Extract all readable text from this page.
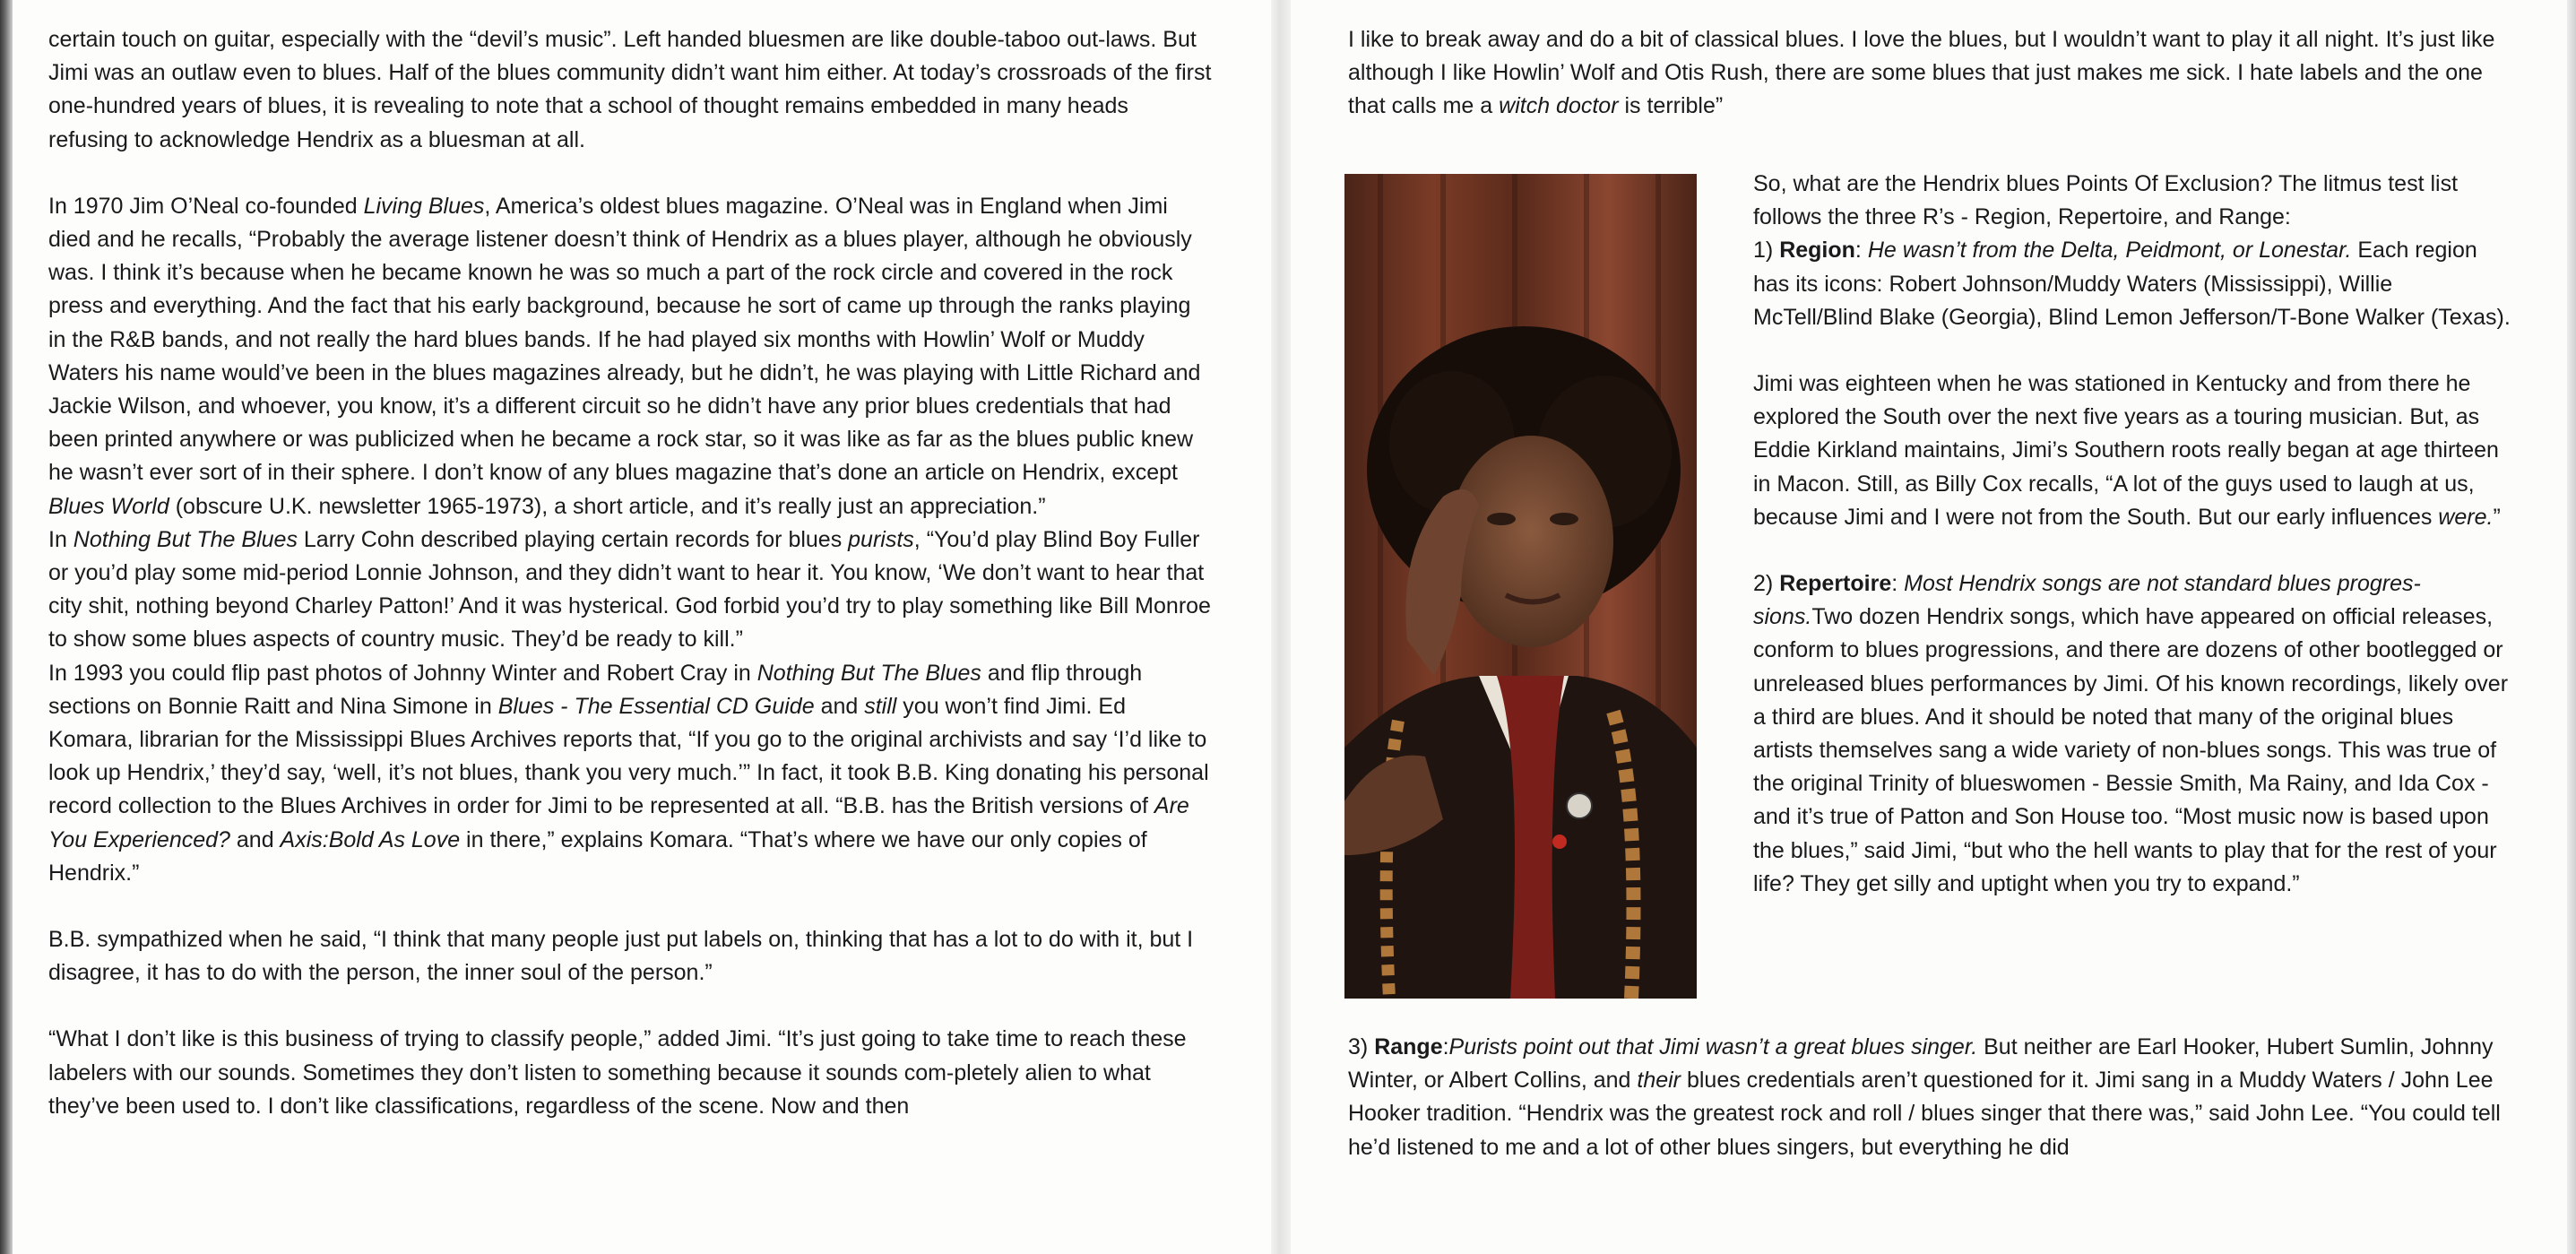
certain touch on guitar, especially with the “devil’s music”. Left handed bluesmen are like double-taboo out-laws. But Jimi was an outlaw even to blues. Half of the blues community didn’t want him either. At today’s crossroads of the first one-hundred years of blues, it is revealing to note that a school of thought remains embedded in many heads refusing to acknowledge Hendrix as a bluesman at all.

In 1970 Jim O’Neal co-founded Living Blues, America’s oldest blues magazine. O’Neal was in England when Jimi died and he recalls, “Probably the average listener doesn’t think of Hendrix as a blues player, although he obviously was. I think it’s because when he became known he was so much a part of the rock circle and covered in the rock press and everything. And the fact that his early background, because he sort of came up through the ranks playing in the R&B bands, and not really the hard blues bands. If he had played six months with Howlin’ Wolf or Muddy Waters his name would’ve been in the blues magazines already, but he didn’t, he was playing with Little Richard and Jackie Wilson, and whoever, you know, it’s a different circuit so he didn’t have any prior blues credentials that had been printed anywhere or was publicized when he became a rock star, so it was like as far as the blues public knew he wasn’t ever sort of in their sphere. I don’t know of any blues magazine that’s done an article on Hendrix, except Blues World (obscure U.K. newsletter 1965-1973), a short article, and it’s really just an appreciation.”

In Nothing But The Blues Larry Cohn described playing certain records for blues purists, “You’d play Blind Boy Fuller or you’d play some mid-period Lonnie Johnson, and they didn’t want to hear it. You know, ‘We don’t want to hear that city shit, nothing beyond Charley Patton!’ And it was hysterical. God forbid you’d try to play something like Bill Monroe to show some blues aspects of country music. They’d be ready to kill.”

In 1993 you could flip past photos of Johnny Winter and Robert Cray in Nothing But The Blues and flip through sections on Bonnie Raitt and Nina Simone in Blues - The Essential CD Guide and still you won’t find Jimi. Ed Komara, librarian for the Mississippi Blues Archives reports that, “If you go to the original archivists and say ‘I’d like to look up Hendrix,’ they’d say, ‘well, it’s not blues, thank you very much.’” In fact, it took B.B. King donating his personal record collection to the Blues Archives in order for Jimi to be represented at all. “B.B. has the British versions of Are You Experienced? and Axis:Bold As Love in there,” explains Komara. “That’s where we have our only copies of Hendrix.”

B.B. sympathized when he said, “I think that many people just put labels on, thinking that has a lot to do with it, but I disagree, it has to do with the person, the inner soul of the person.”

“What I don’t like is this business of trying to classify people,” added Jimi. “It’s just going to take time to reach these labelers with our sounds. Sometimes they don’t listen to something because it sounds com-pletely alien to what they’ve been used to. I don’t like classifications, regardless of the scene. Now and then

I like to break away and do a bit of classical blues. I love the blues, but I wouldn’t want to play it all night. It’s just like although I like Howlin’ Wolf and Otis Rush, there are some blues that just makes me sick. I hate labels and the one that calls me a witch doctor is terrible”

So, what are the Hendrix blues Points Of Exclusion? The litmus test list follows the three R’s - Region, Repertoire, and Range:

1) Region: He wasn’t from the Delta, Peidmont, or Lonestar. Each region has its icons: Robert Johnson/Muddy Waters (Mississippi), Willie McTell/Blind Blake (Georgia), Blind Lemon Jefferson/T-Bone Walker (Texas).

Jimi was eighteen when he was stationed in Kentucky and from there he explored the South over the next five years as a touring musician. But, as Eddie Kirkland maintains, Jimi’s Southern roots really began at age thirteen in Macon. Still, as Billy Cox recalls, “A lot of the guys used to laugh at us, because Jimi and I were not from the South. But our early influences were.”

2) Repertoire: Most Hendrix songs are not standard blues progres-sions.Two dozen Hendrix songs, which have appeared on official releases, conform to blues progressions, and there are dozens of other bootlegged or unreleased blues performances by Jimi. Of his known recordings, likely over a third are blues. And it should be noted that many of the original blues artists themselves sang a wide variety of non-blues songs. This was true of the original Trinity of blueswomen - Bessie Smith, Ma Rainy, and Ida Cox - and it’s true of Patton and Son House too. “Most music now is based upon the blues,” said Jimi, “but who the hell wants to play that for the rest of your life? They get silly and uptight when you try to expand.”

3) Range:Purists point out that Jimi wasn’t a great blues singer. But neither are Earl Hooker, Hubert Sumlin, Johnny Winter, or Albert Collins, and their blues credentials aren’t questioned for it. Jimi sang in a Muddy Waters / John Lee Hooker tradition. “Hendrix was the greatest rock and roll / blues singer that there was,” said John Lee. “You could tell he’d listened to me and a lot of other blues singers, but everything he did
